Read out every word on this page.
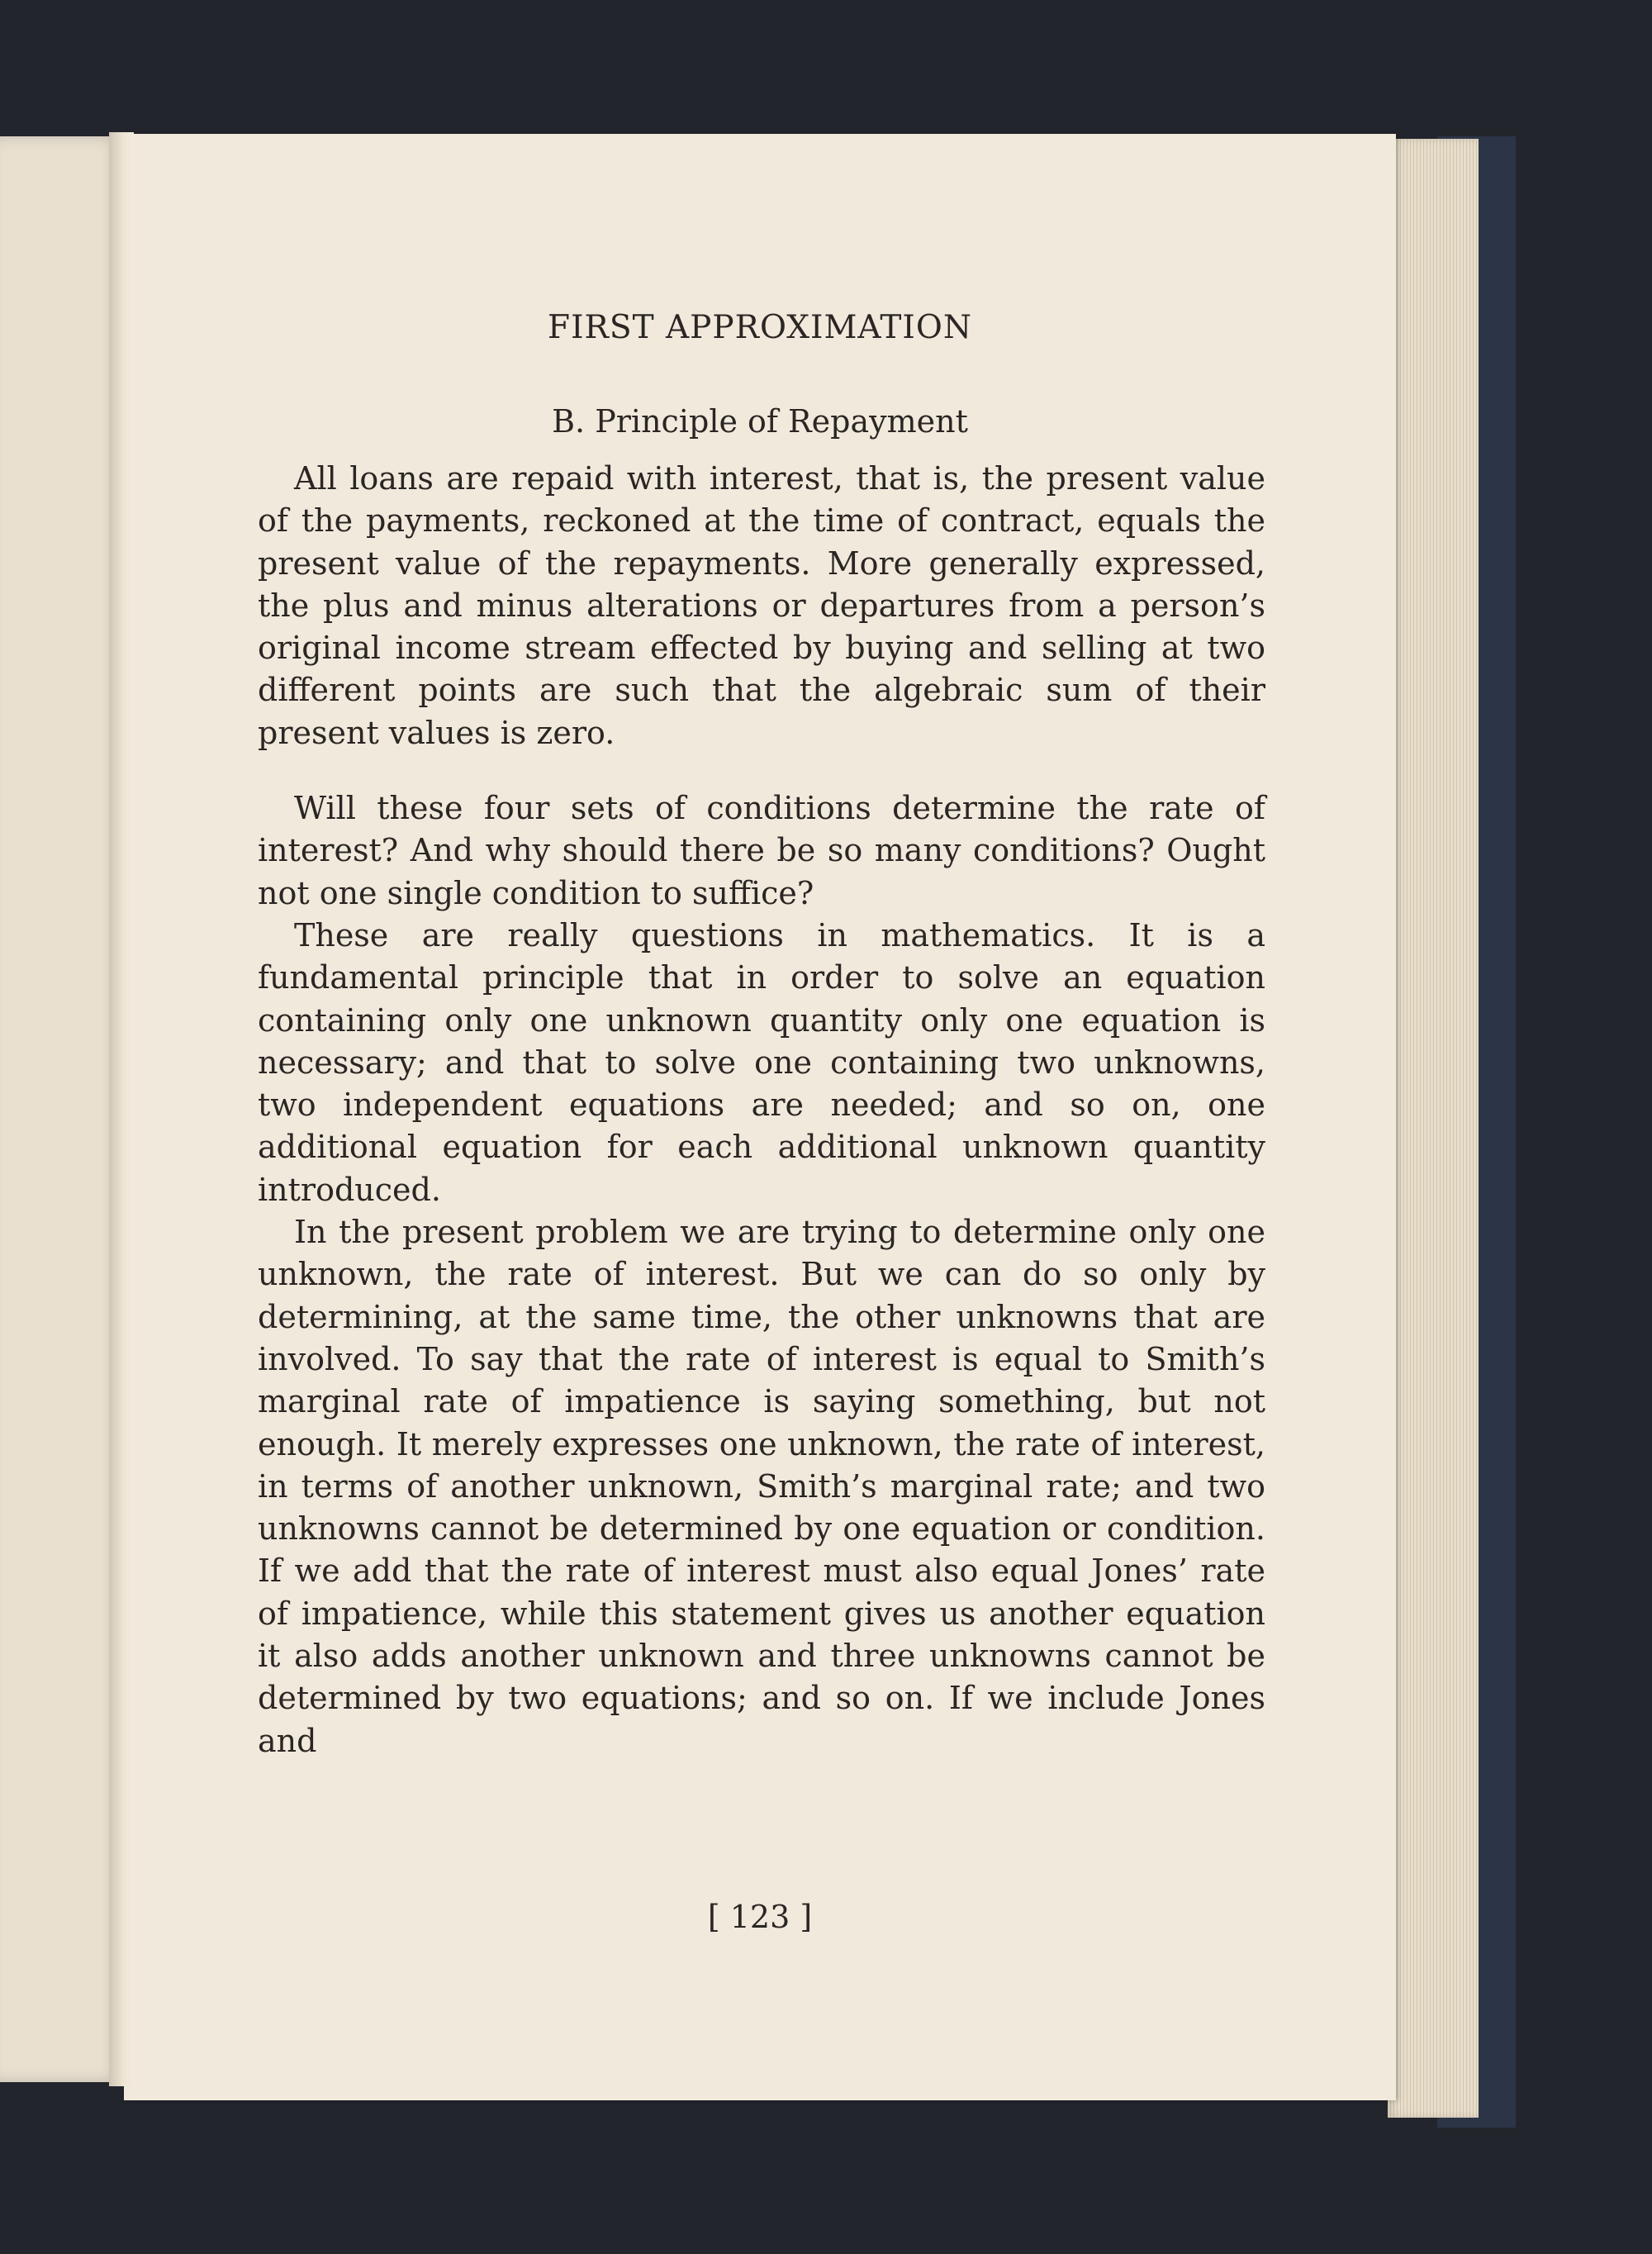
FIRST APPROXIMATION
B. Principle of Repayment

All loans are repaid with interest, that is, the present value of the payments, reckoned at the time of contract, equals the present value of the repayments. More generally expressed, the plus and minus alterations or departures from a person’s original income stream effected by buying and selling at two different points are such that the algebraic sum of their present values is zero.

Will these four sets of conditions determine the rate of interest? And why should there be so many conditions? Ought not one single condition to suffice?

These are really questions in mathematics. It is a fundamental principle that in order to solve an equation containing only one unknown quantity only one equation is necessary; and that to solve one containing two unknowns, two independent equations are needed; and so on, one additional equation for each additional unknown quantity introduced.

In the present problem we are trying to determine only one unknown, the rate of interest. But we can do so only by determining, at the same time, the other unknowns that are involved. To say that the rate of interest is equal to Smith’s marginal rate of impatience is saying something, but not enough. It merely expresses one unknown, the rate of interest, in terms of another unknown, Smith’s marginal rate; and two unknowns cannot be determined by one equation or condition. If we add that the rate of interest must also equal Jones’ rate of impatience, while this statement gives us another equation it also adds another unknown and three unknowns cannot be determined by two equations; and so on. If we include Jones and

[ 123 ]
